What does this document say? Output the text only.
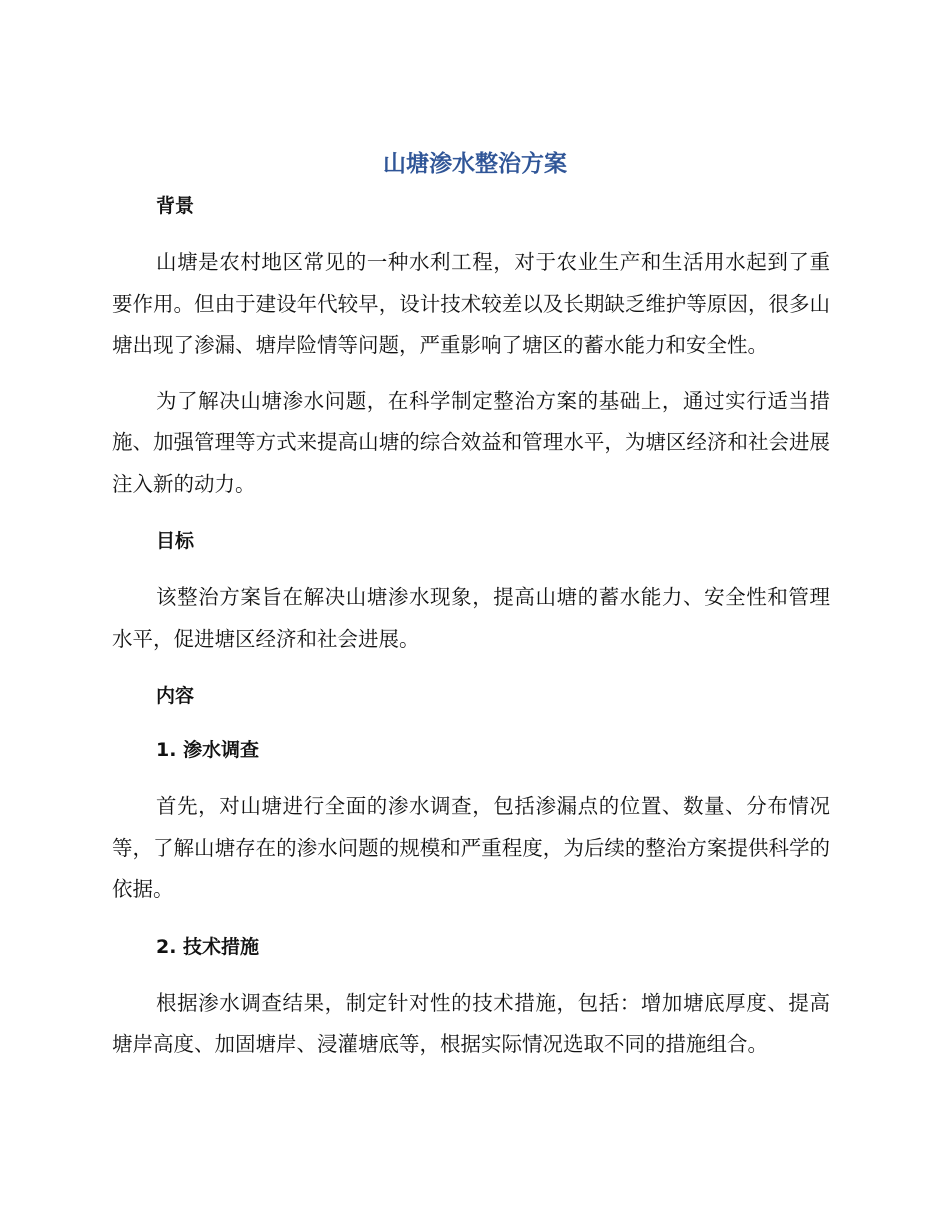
山塘渗水整治方案

背景

山塘是农村地区常见的一种水利工程，对于农业生产和生活用水起到了重要作用。但由于建设年代较早，设计技术较差以及长期缺乏维护等原因，很多山塘出现了渗漏、塘岸险情等问题，严重影响了塘区的蓄水能力和安全性。

为了解决山塘渗水问题，在科学制定整治方案的基础上，通过实行适当措施、加强管理等方式来提高山塘的综合效益和管理水平，为塘区经济和社会进展注入新的动力。

目标

该整治方案旨在解决山塘渗水现象，提高山塘的蓄水能力、安全性和管理水平，促进塘区经济和社会进展。

内容

1. 渗水调查

首先，对山塘进行全面的渗水调查，包括渗漏点的位置、数量、分布情况等，了解山塘存在的渗水问题的规模和严重程度，为后续的整治方案提供科学的依据。

2. 技术措施

根据渗水调查结果，制定针对性的技术措施，包括：增加塘底厚度、提高塘岸高度、加固塘岸、浸灌塘底等，根据实际情况选取不同的措施组合。
